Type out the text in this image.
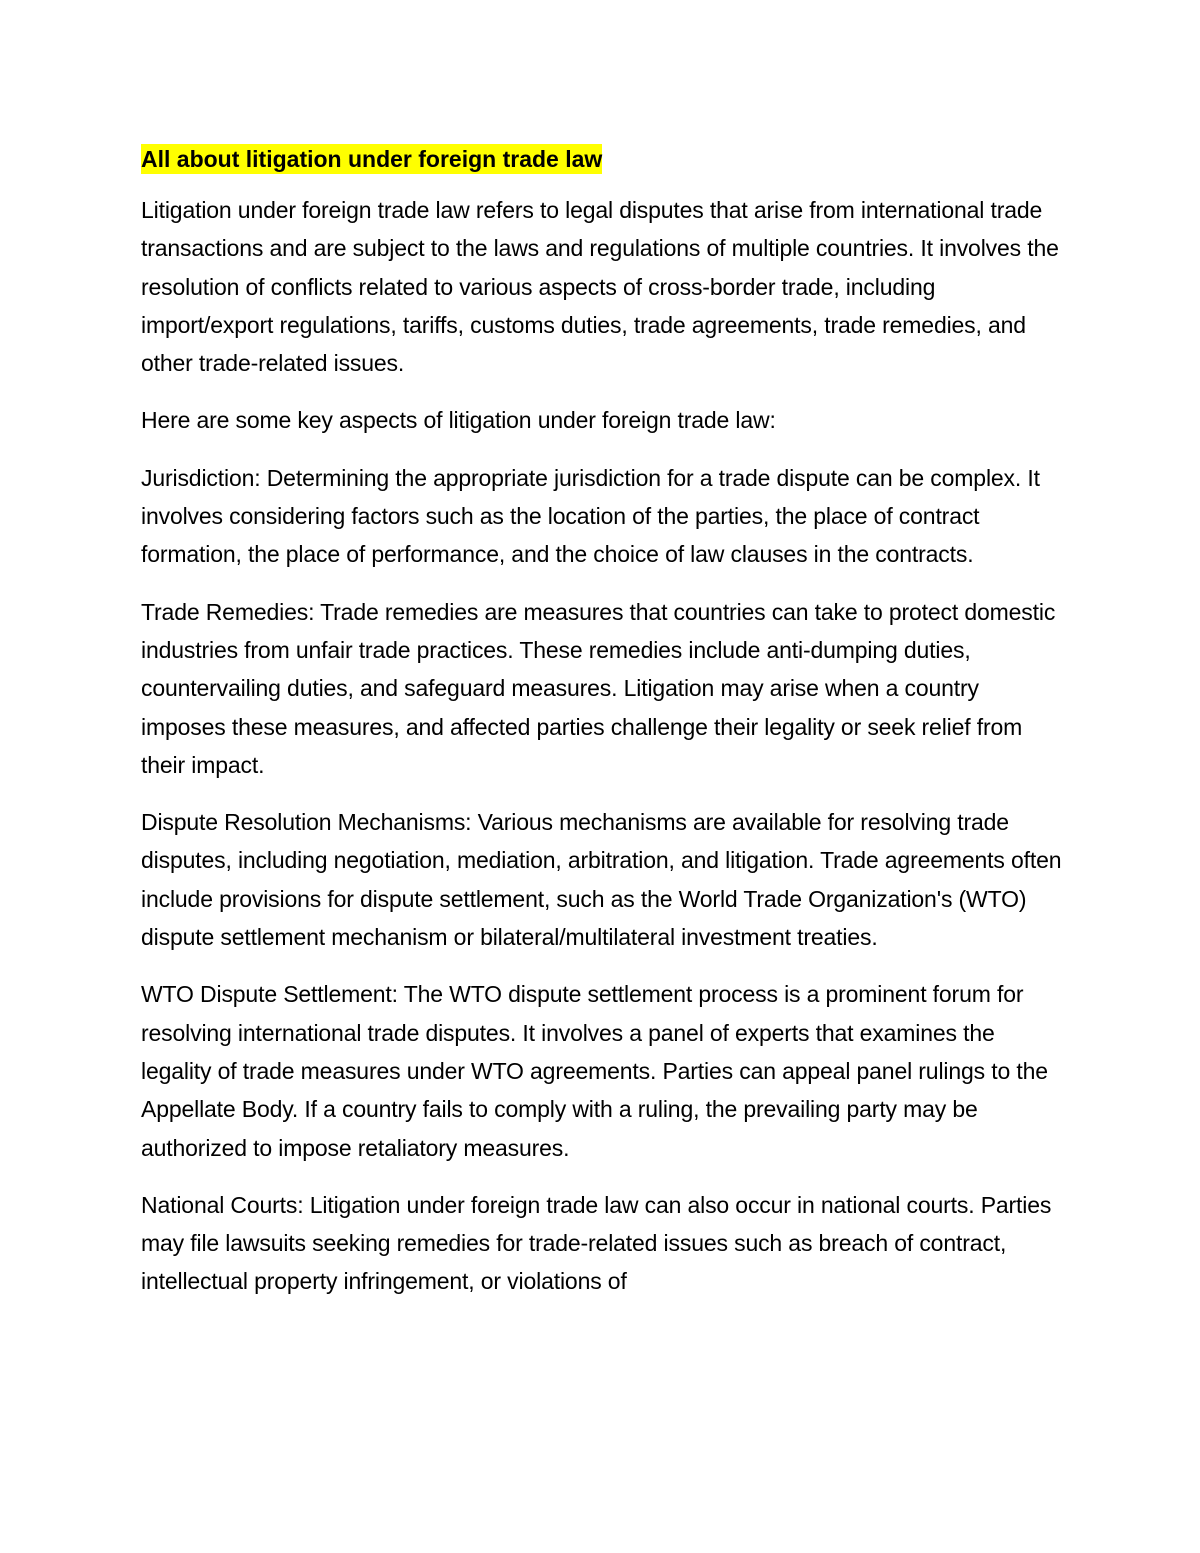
All about litigation under foreign trade law

Litigation under foreign trade law refers to legal disputes that arise from international trade transactions and are subject to the laws and regulations of multiple countries. It involves the resolution of conflicts related to various aspects of cross-border trade, including import/export regulations, tariffs, customs duties, trade agreements, trade remedies, and other trade-related issues.

Here are some key aspects of litigation under foreign trade law:

Jurisdiction: Determining the appropriate jurisdiction for a trade dispute can be complex. It involves considering factors such as the location of the parties, the place of contract formation, the place of performance, and the choice of law clauses in the contracts.

Trade Remedies: Trade remedies are measures that countries can take to protect domestic industries from unfair trade practices. These remedies include anti-dumping duties, countervailing duties, and safeguard measures. Litigation may arise when a country imposes these measures, and affected parties challenge their legality or seek relief from their impact.

Dispute Resolution Mechanisms: Various mechanisms are available for resolving trade disputes, including negotiation, mediation, arbitration, and litigation. Trade agreements often include provisions for dispute settlement, such as the World Trade Organization's (WTO) dispute settlement mechanism or bilateral/multilateral investment treaties.

WTO Dispute Settlement: The WTO dispute settlement process is a prominent forum for resolving international trade disputes. It involves a panel of experts that examines the legality of trade measures under WTO agreements. Parties can appeal panel rulings to the Appellate Body. If a country fails to comply with a ruling, the prevailing party may be authorized to impose retaliatory measures.

National Courts: Litigation under foreign trade law can also occur in national courts. Parties may file lawsuits seeking remedies for trade-related issues such as breach of contract, intellectual property infringement, or violations of
